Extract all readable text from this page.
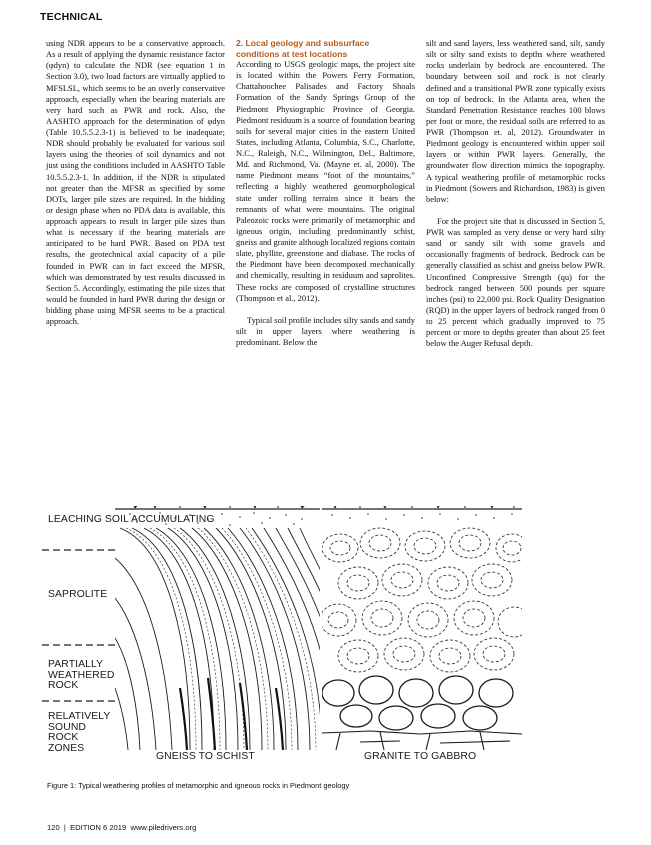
TECHNICAL

using NDR appears to be a conservative approach. As a result of applying the dynamic resistance factor (φdyn) to calculate the NDR (see equation 1 in Section 3.0), two load factors are virtually applied to MFSLSL, which seems to be an overly conservative approach, especially when the bearing materials are very hard such as PWR and rock. Also, the AASHTO approach for the determination of φdyn (Table 10.5.5.2.3-1) is believed to be inadequate; NDR should probably be evaluated for various soil layers using the theories of soil dynamics and not just using the conditions included in AASHTO Table 10.5.5.2.3-1. In addition, if the NDR is stipulated not greater than the MFSR as specified by some DOTs, larger pile sizes are required. In the bidding or design phase when no PDA data is available, this approach appears to result in larger pile sizes than what is necessary if the bearing materials are anticipated to be hard PWR. Based on PDA test results, the geotechnical axial capacity of a pile founded in PWR can in fact exceed the MFSR, which was demonstrated by test results discussed in Section 5. Accordingly, estimating the pile sizes that would be founded in hard PWR during the design or bidding phase using MFSR seems to be a practical approach.

2. Local geology and subsurface conditions at test locations

According to USGS geologic maps, the project site is located within the Powers Ferry Formation, Chattahoochee Palisades and Factory Shoals Formation of the Sandy Springs Group of the Piedmont Physiographic Province of Georgia. Piedmont residuum is a source of foundation bearing soils for several major cities in the eastern United States, including Atlanta, Columbia, S.C., Charlotte, N.C., Raleigh, N.C., Wilmington, Del., Baltimore, Md. and Richmond, Va. (Mayne et. al, 2000). The name Piedmont means “foot of the mountains,” reflecting a highly weathered geomorphological state under rolling terrains since it bears the remnants of what were mountains. The original Paleozoic rocks were primarily of metamorphic and igneous origin, including predominantly schist, gneiss and granite although localized regions contain slate, phyllite, greenstone and diabase. The rocks of the Piedmont have been decomposed mechanically and chemically, resulting in residuum and saprolites. These rocks are composed of crystalline structures (Thompson et al., 2012).

Typical soil profile includes silty sands and sandy silt in upper layers where weathering is predominant. Below the

silt and sand layers, less weathered sand, silt, sandy silt or silty sand exists to depths where weathered rocks underlain by bedrock are encountered. The boundary between soil and rock is not clearly defined and a transitional PWR zone typically exists on top of bedrock. In the Atlanta area, when the Standard Penetration Resistance reaches 100 blows per foot or more, the residual soils are referred to as PWR (Thompson et. al, 2012). Groundwater in Piedmont geology is encountered within upper soil layers or within PWR layers. Generally, the groundwater flow direction mimics the topography. A typical weathering profile of metamorphic rocks in Piedmont (Sowers and Richardson, 1983) is given below:

For the project site that is discussed in Section 5, PWR was sampled as very dense or very hard silty sand or sandy silt with some gravels and occasionally fragments of bedrock. Bedrock can be generally classified as schist and gneiss below PWR. Unconfined Compressive Strength (qu) for the bedrock ranged between 500 pounds per square inches (psi) to 22,000 psi. Rock Quality Designation (RQD) in the upper layers of bedrock ranged from 0 to 25 percent which gradually improved to 75 percent or more to depths greater than about 25 feet below the Auger Refusal depth.

LEACHING SOIL ACCUMULATING
SAPROLITE
PARTIALLY WEATHERED ROCK
RELATIVELY SOUND ROCK ZONES
GNEISS TO SCHIST	GRANITE TO GABBRO
Figure 1: Typical weathering profiles of metamorphic and igneous rocks in Piedmont geology
120  |  EDITION 6 2019 www.piledrivers.org
